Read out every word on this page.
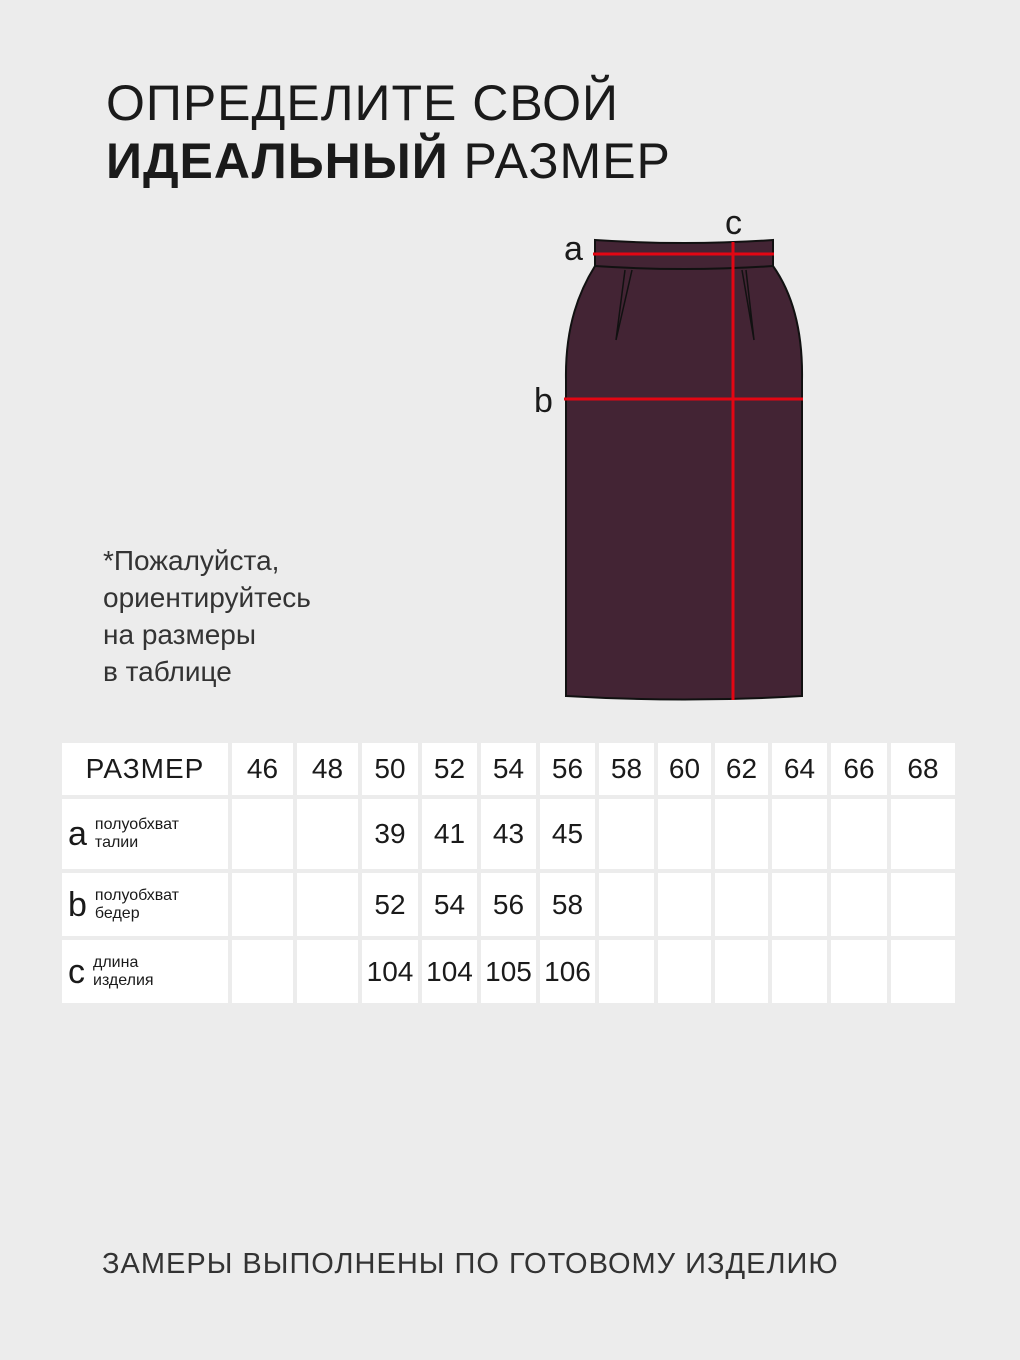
ОПРЕДЕЛИТЕ СВОЙ
ИДЕАЛЬНЫЙ РАЗМЕР
a
b
c
*Пожалуйста,
ориентируйтесь
на размеры
в таблице
РАЗМЕР	46	48	50	52	54	56	58	60	62	64	66	68

a полуобхват
талии			39	41	43	45						

b полуобхват
бедер			52	54	56	58						

c длина
изделия			104	104	105	106						
ЗАМЕРЫ ВЫПОЛНЕНЫ ПО ГОТОВОМУ ИЗДЕЛИЮ
